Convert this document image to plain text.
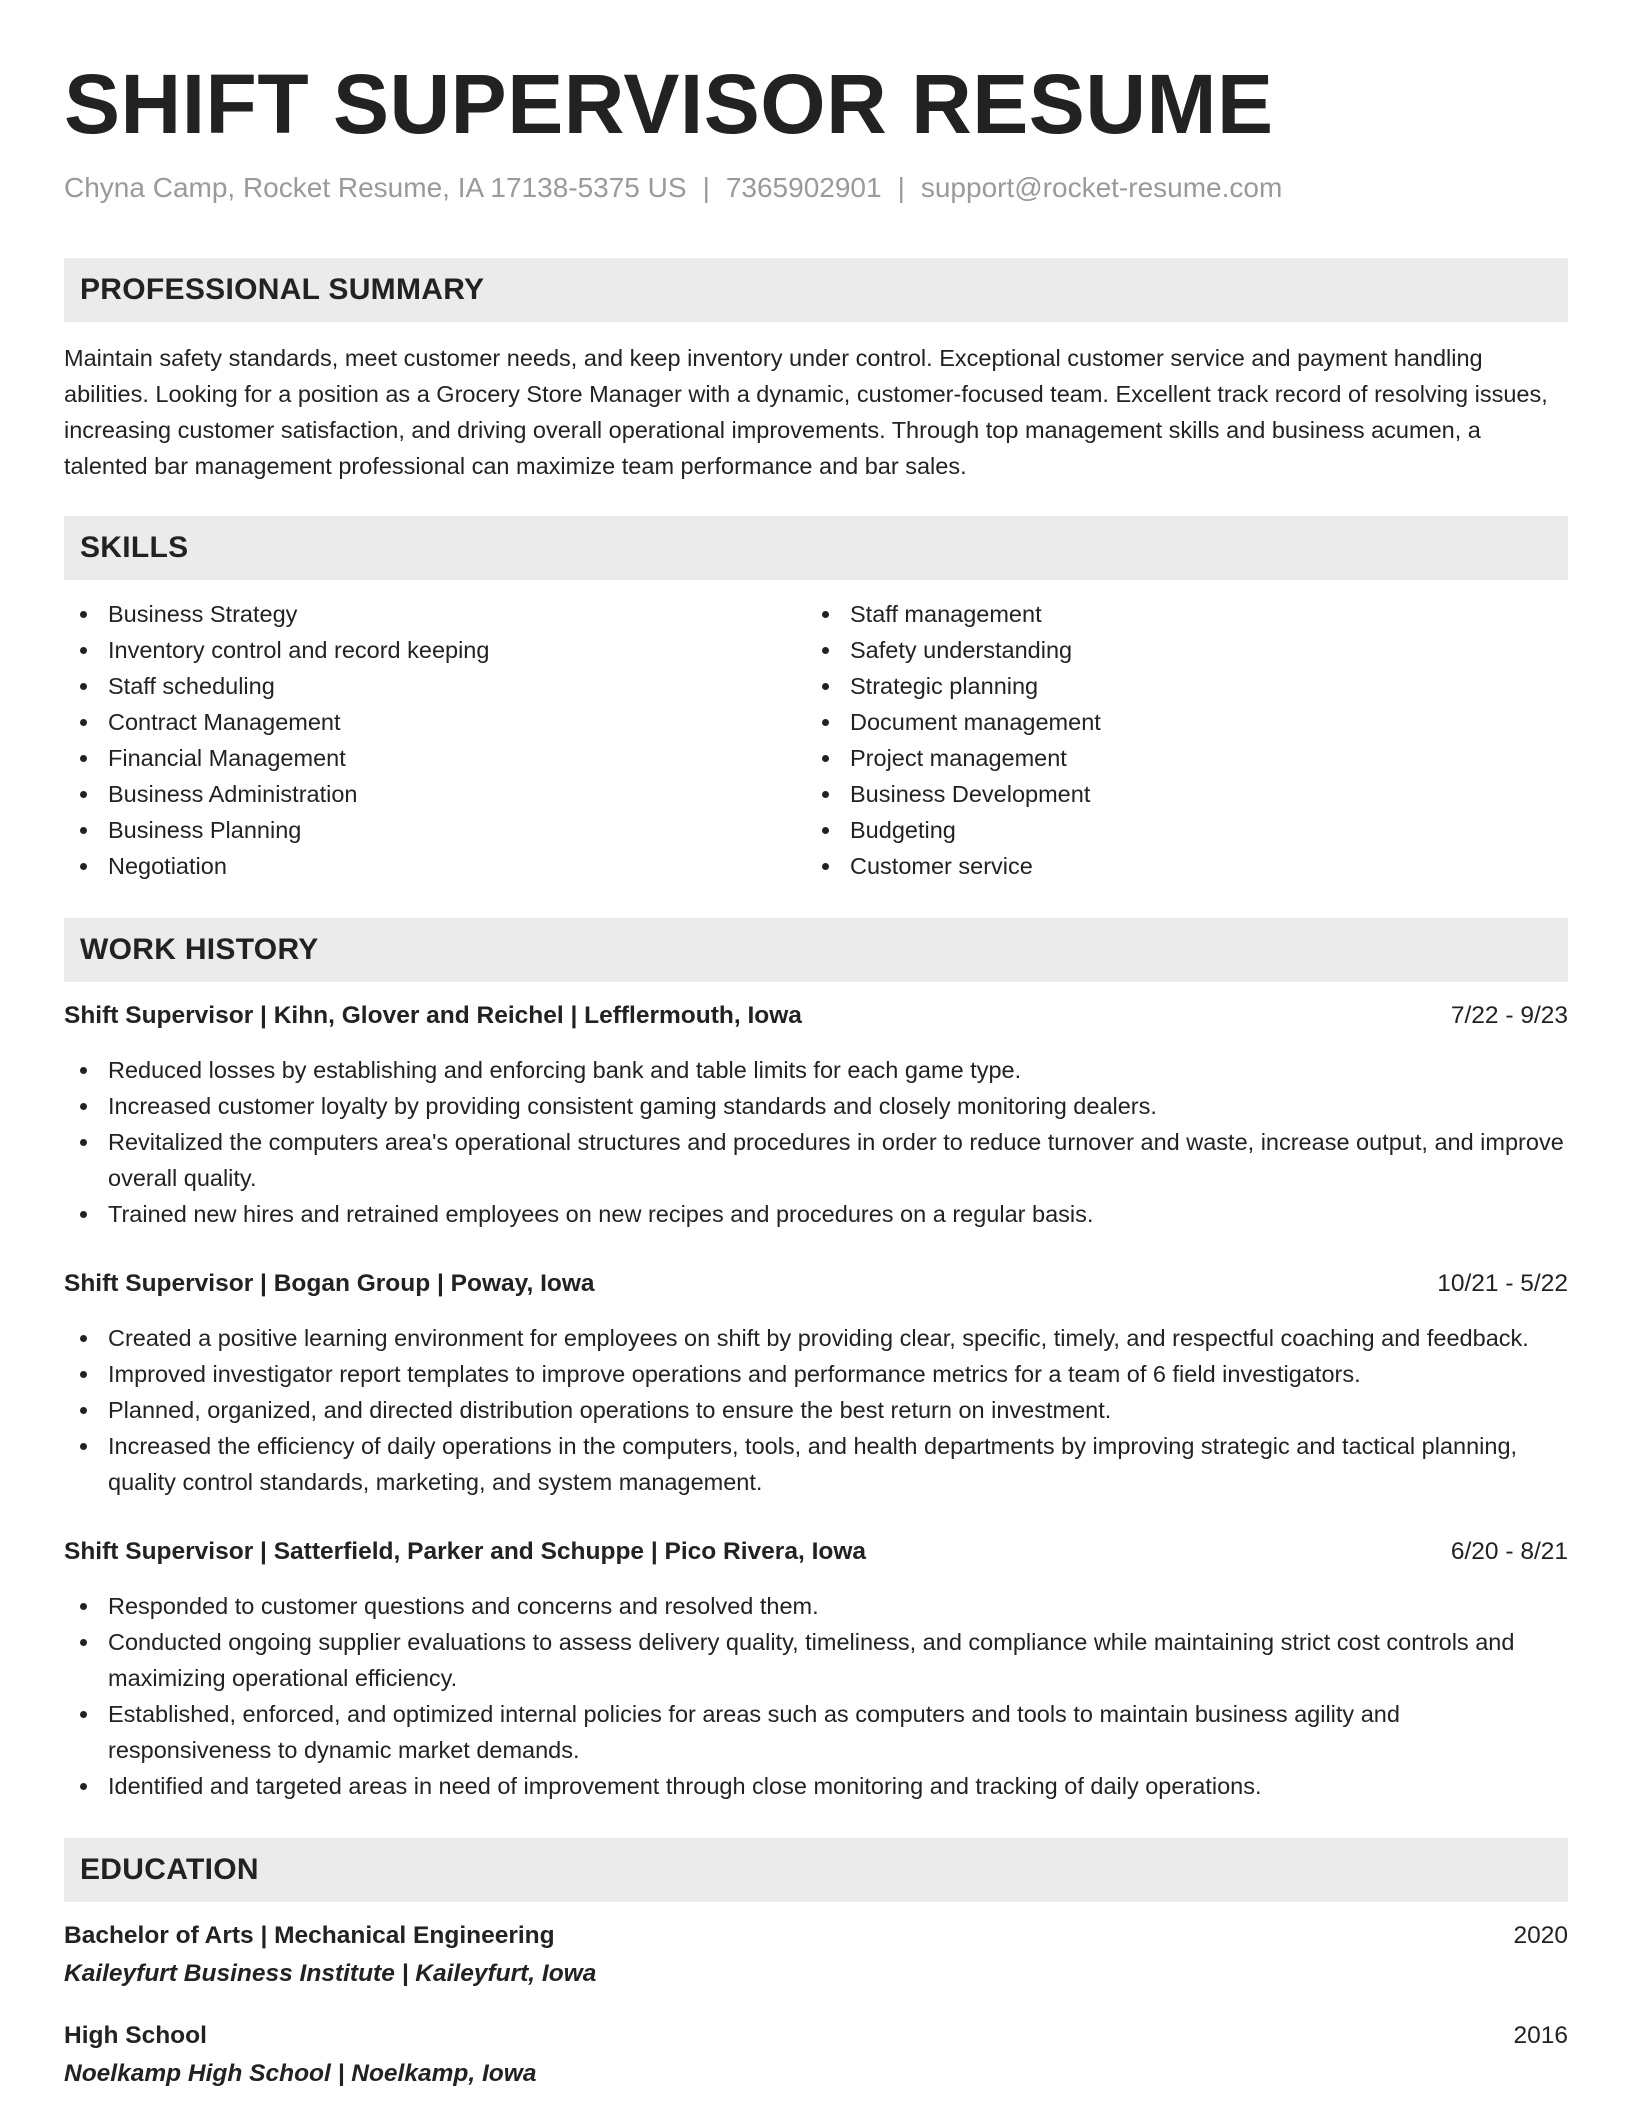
SHIFT SUPERVISOR RESUME
Chyna Camp, Rocket Resume, IA 17138-5375 US | 7365902901 | support@rocket-resume.com
PROFESSIONAL SUMMARY

Maintain safety standards, meet customer needs, and keep inventory under control. Exceptional customer service and payment handling abilities. Looking for a position as a Grocery Store Manager with a dynamic, customer-focused team. Excellent track record of resolving issues, increasing customer satisfaction, and driving overall operational improvements. Through top management skills and business acumen, a talented bar management professional can maximize team performance and bar sales.

SKILLS
Business Strategy
Inventory control and record keeping
Staff scheduling
Contract Management
Financial Management
Business Administration
Business Planning
Negotiation
Staff management
Safety understanding
Strategic planning
Document management
Project management
Business Development
Budgeting
Customer service
WORK HISTORY
Shift Supervisor | Kihn, Glover and Reichel | Lefflermouth, Iowa	7/22 - 9/23
Reduced losses by establishing and enforcing bank and table limits for each game type.
Increased customer loyalty by providing consistent gaming standards and closely monitoring dealers.
Revitalized the computers area's operational structures and procedures in order to reduce turnover and waste, increase output, and improve overall quality.
Trained new hires and retrained employees on new recipes and procedures on a regular basis.
Shift Supervisor | Bogan Group | Poway, Iowa	10/21 - 5/22
Created a positive learning environment for employees on shift by providing clear, specific, timely, and respectful coaching and feedback.
Improved investigator report templates to improve operations and performance metrics for a team of 6 field investigators.
Planned, organized, and directed distribution operations to ensure the best return on investment.
Increased the efficiency of daily operations in the computers, tools, and health departments by improving strategic and tactical planning, quality control standards, marketing, and system management.
Shift Supervisor | Satterfield, Parker and Schuppe | Pico Rivera, Iowa	6/20 - 8/21
Responded to customer questions and concerns and resolved them.
Conducted ongoing supplier evaluations to assess delivery quality, timeliness, and compliance while maintaining strict cost controls and maximizing operational efficiency.
Established, enforced, and optimized internal policies for areas such as computers and tools to maintain business agility and responsiveness to dynamic market demands.
Identified and targeted areas in need of improvement through close monitoring and tracking of daily operations.
EDUCATION
Bachelor of Arts | Mechanical Engineering	2020
Kaileyfurt Business Institute | Kaileyfurt, Iowa
High School	2016
Noelkamp High School | Noelkamp, Iowa
